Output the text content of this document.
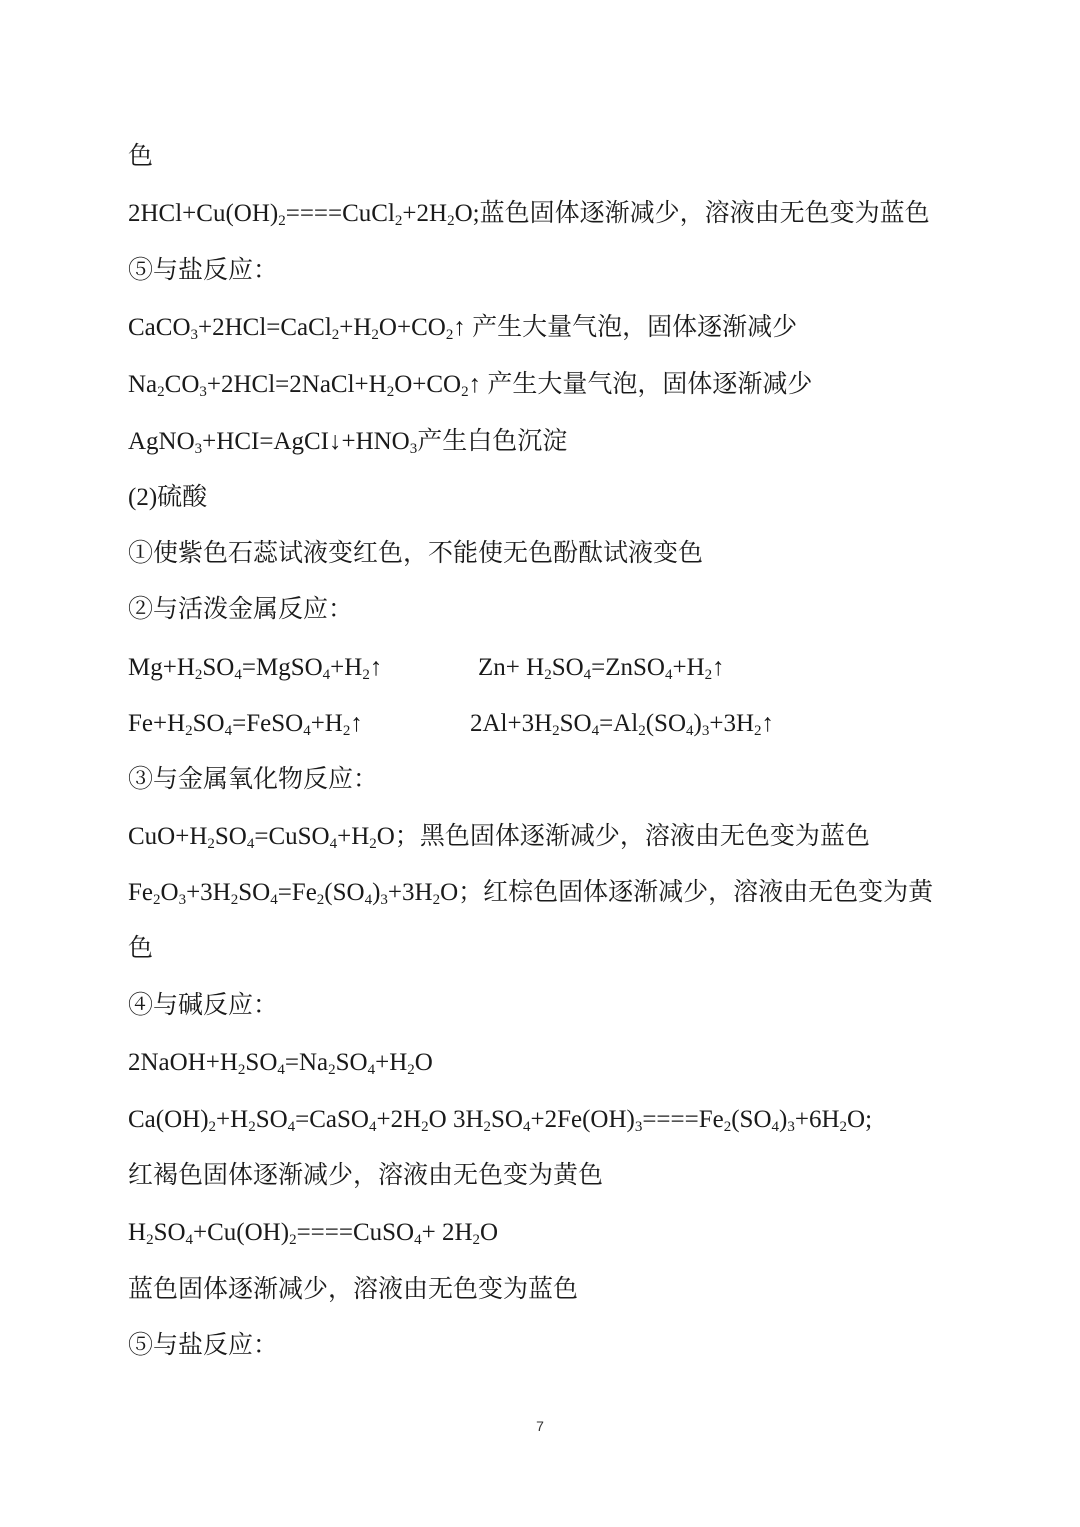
色
$2HCl+Cu(OH)_2====CuCl_2+2H_2O$;蓝色固体逐渐减少，溶液由无色变为蓝色
⑤与盐反应：
$CaCO_3+2HCl=CaCl_2+H_2O+CO_2↑$ 产生大量气泡，固体逐渐减少
$Na_2CO_3+2HCl=2NaCl+H_2O+CO_2↑$ 产生大量气泡，固体逐渐减少
$AgNO_3+HCI=AgCI↓+HNO_3$产生白色沉淀
(2)硫酸
①使紫色石蕊试液变红色，不能使无色酚酞试液变色
②与活泼金属反应：
$Mg+H_2SO_4=MgSO_4+H_2↑$	$Zn+ H_2SO_4=ZnSO_4+H_2↑$
$Fe+H_2SO_4=FeSO_4+H_2↑$	$2Al+3H_2SO_4=Al_2(SO_4)_3+3H_2↑$
③与金属氧化物反应：
$CuO+H_2SO_4=CuSO_4+H_2O$；黑色固体逐渐减少，溶液由无色变为蓝色
$Fe_2O_3+3H_2SO_4=Fe_2(SO_4)_3+3H_2O$；红棕色固体逐渐减少，溶液由无色变为黄
色
④与碱反应：
$2NaOH+H_2SO_4=Na_2SO_4+H_2O$
$Ca(OH)_2+H_2SO_4=CaSO_4+2H_2O$ $3H_2SO_4+2Fe(OH)_3====Fe_2(SO_4)_3+6H_2O$;
红褐色固体逐渐减少，溶液由无色变为黄色
$H_2SO_4+Cu(OH)_2====CuSO_4+ 2H_2O$
蓝色固体逐渐减少，溶液由无色变为蓝色
⑤与盐反应：
7
